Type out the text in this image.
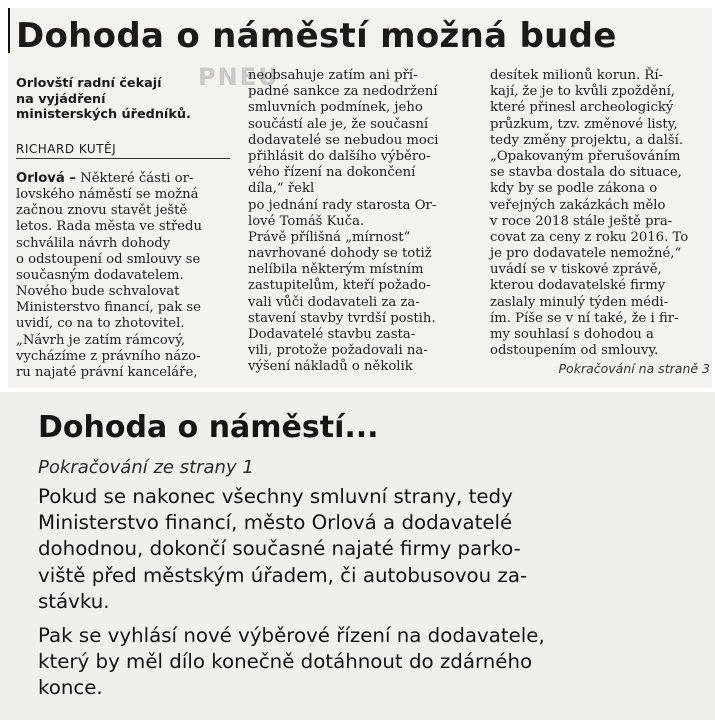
Dohoda o náměstí možná bude
PNEU
Orlovští radní čekají
na vyjádření
ministerských úředníků.
RICHARD KUTĚJ
Orlová – Některé části or-
lovského náměstí se možná
začnou znovu stavět ještě
letos. Rada města ve středu
schválila návrh dohody
o odstoupení od smlouvy se
současným dodavatelem.
Nového bude schvalovat
Ministerstvo financí, pak se
uvidí, co na to zhotovitel.
„Návrh je zatím rámcový,
vycházíme z právního názo-
ru najaté právní kanceláře,
neobsahuje zatím ani pří-
padné sankce za nedodržení
smluvních podmínek, jeho
součástí ale je, že současní
dodavatelé se nebudou moci
přihlásit do dalšího výběro-
vého řízení na dokončení
díla,“ řekl
po jednání rady starosta Or-
lové Tomáš Kuča.
Právě přílišná „mírnost“
navrhované dohody se totiž
nelíbila některým místním
zastupitelům, kteří požado-
vali vůči dodavateli za za-
stavení stavby tvrdší postih.
Dodavatelé stavbu zasta-
vili, protože požadovali na-
výšení nákladů o několik
desítek milionů korun. Ří-
kají, že je to kvůli zpoždění,
které přinesl archeologický
průzkum, tzv. změnové listy,
tedy změny projektu, a další.
„Opakovaným přerušováním
se stavba dostala do situace,
kdy by se podle zákona o
veřejných zakázkách mělo
v roce 2018 stále ještě pra-
covat za ceny z roku 2016. To
je pro dodavatele nemožné,“
uvádí se v tiskové zprávě,
kterou dodavatelské firmy
zaslaly minulý týden médi-
ím. Píše se v ní také, že i fir-
my souhlasí s dohodou a
odstoupením od smlouvy.
Pokračování na straně 3
Dohoda o náměstí...
Pokračování ze strany 1
Pokud se nakonec všechny smluvní strany, tedy
Ministerstvo financí, město Orlová a dodavatelé
dohodnou, dokončí současné najaté firmy parko-
viště před městským úřadem, či autobusovou za-
stávku.
Pak se vyhlásí nové výběrové řízení na dodavatele,
který by měl dílo konečně dotáhnout do zdárného
konce.
